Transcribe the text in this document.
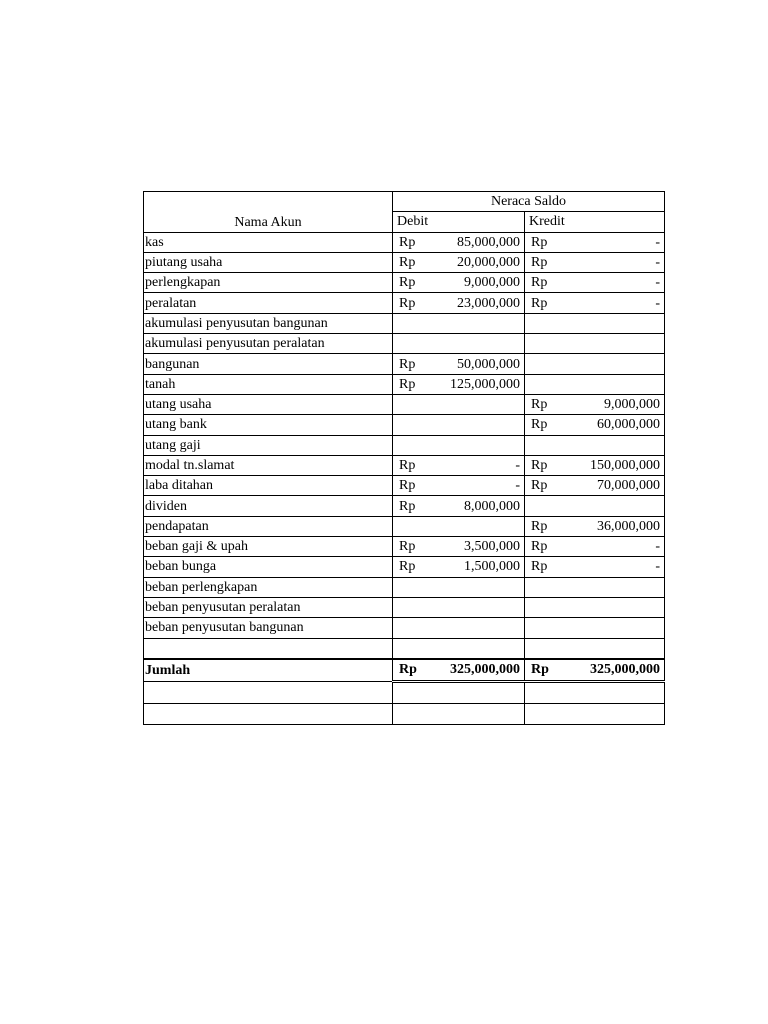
Nama Akun	Neraca Saldo	
	Debit	Kredit
kas	Rp 85,000,000	Rp -

piutang usaha	Rp 20,000,000	Rp -

perlengkapan	Rp 9,000,000	Rp -

peralatan	Rp 23,000,000	Rp -

akumulasi penyusutan bangunan	

akumulasi penyusutan peralatan	

bangunan	Rp 50,000,000	

tanah	Rp 125,000,000	

utang usaha		Rp 9,000,000

utang bank		Rp 60,000,000

utang gaji	

modal tn.slamat	Rp -	Rp 150,000,000

laba ditahan	Rp -	Rp 70,000,000

dividen	Rp 8,000,000	

pendapatan		Rp 36,000,000

beban gaji & upah	Rp 3,500,000	Rp -

beban bunga	Rp 1,500,000	Rp -

beban perlengkapan	

beban penyusutan peralatan	

beban penyusutan bangunan	

Jumlah	Rp 325,000,000	Rp 325,000,000
